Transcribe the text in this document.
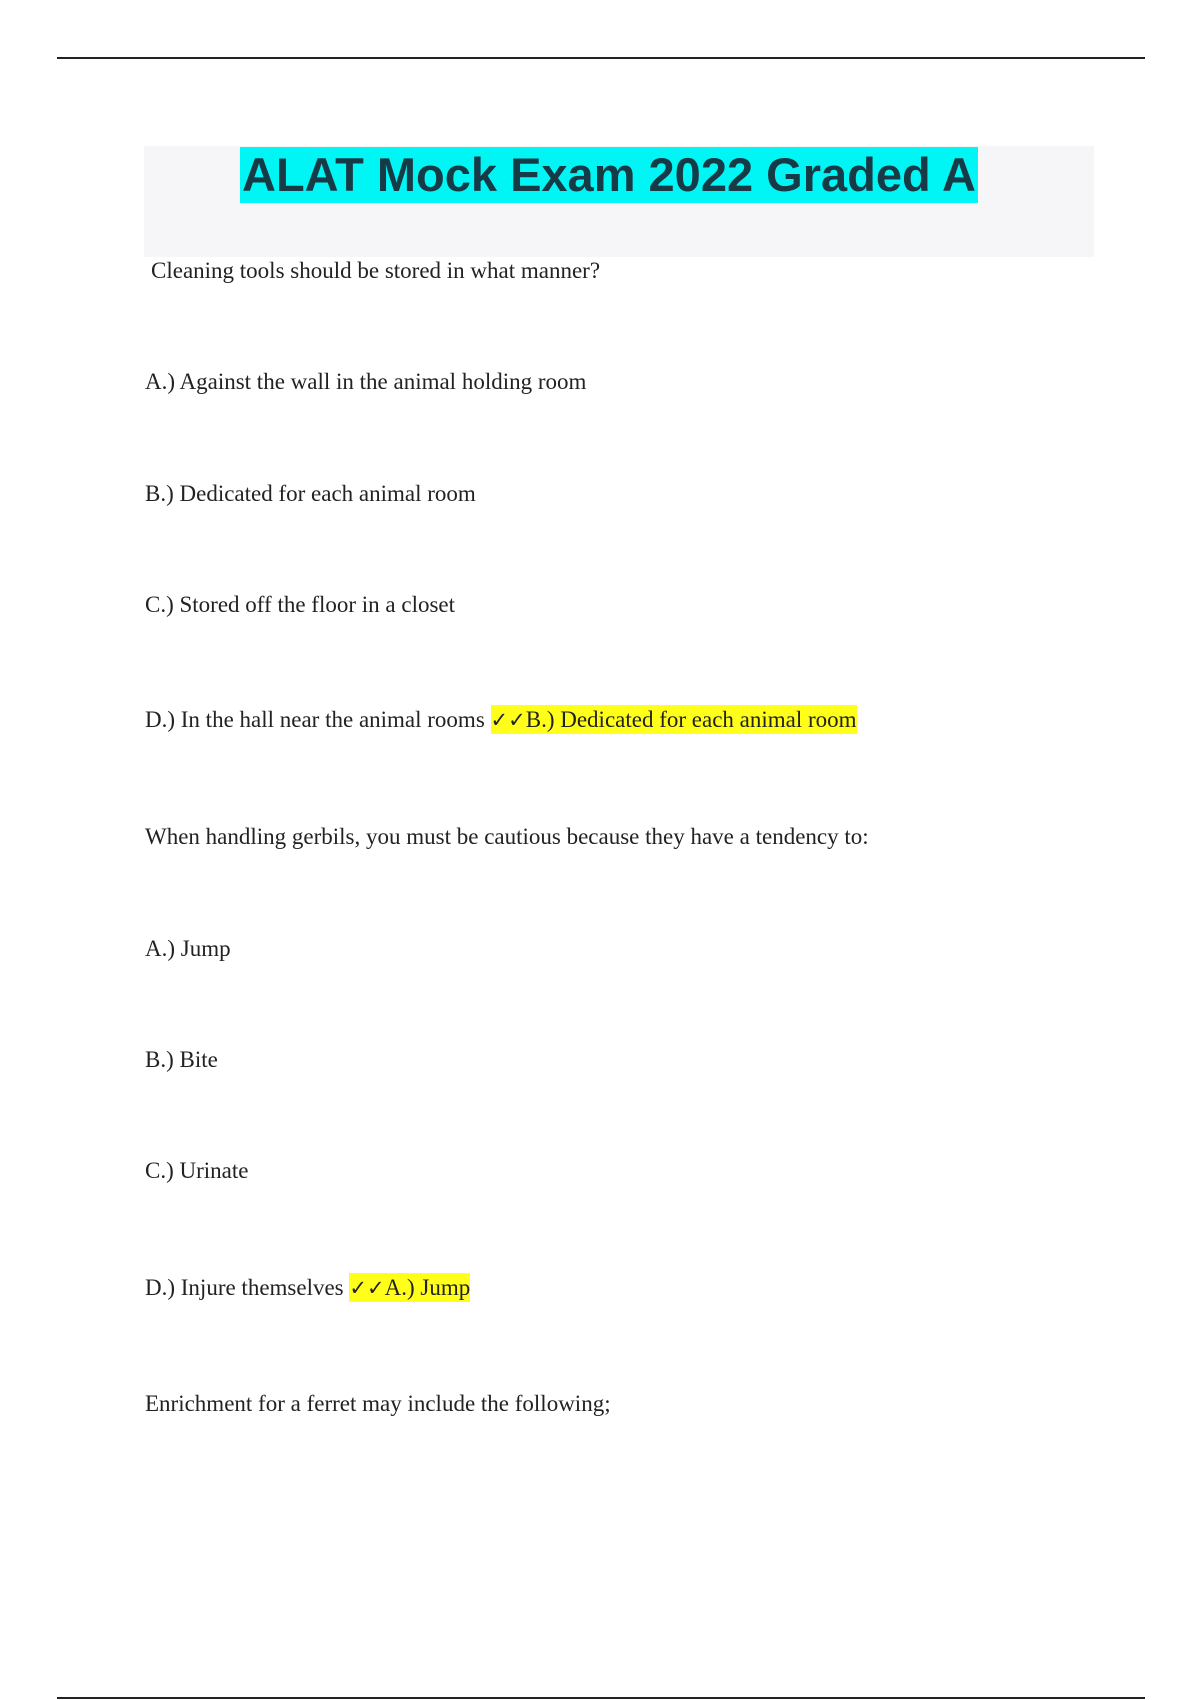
ALAT Mock Exam 2022 Graded A
Cleaning tools should be stored in what manner?
A.) Against the wall in the animal holding room
B.) Dedicated for each animal room
C.) Stored off the floor in a closet
D.) In the hall near the animal rooms ✓✓B.) Dedicated for each animal room
When handling gerbils, you must be cautious because they have a tendency to:
A.) Jump
B.) Bite
C.) Urinate
D.) Injure themselves ✓✓A.) Jump
Enrichment for a ferret may include the following;
